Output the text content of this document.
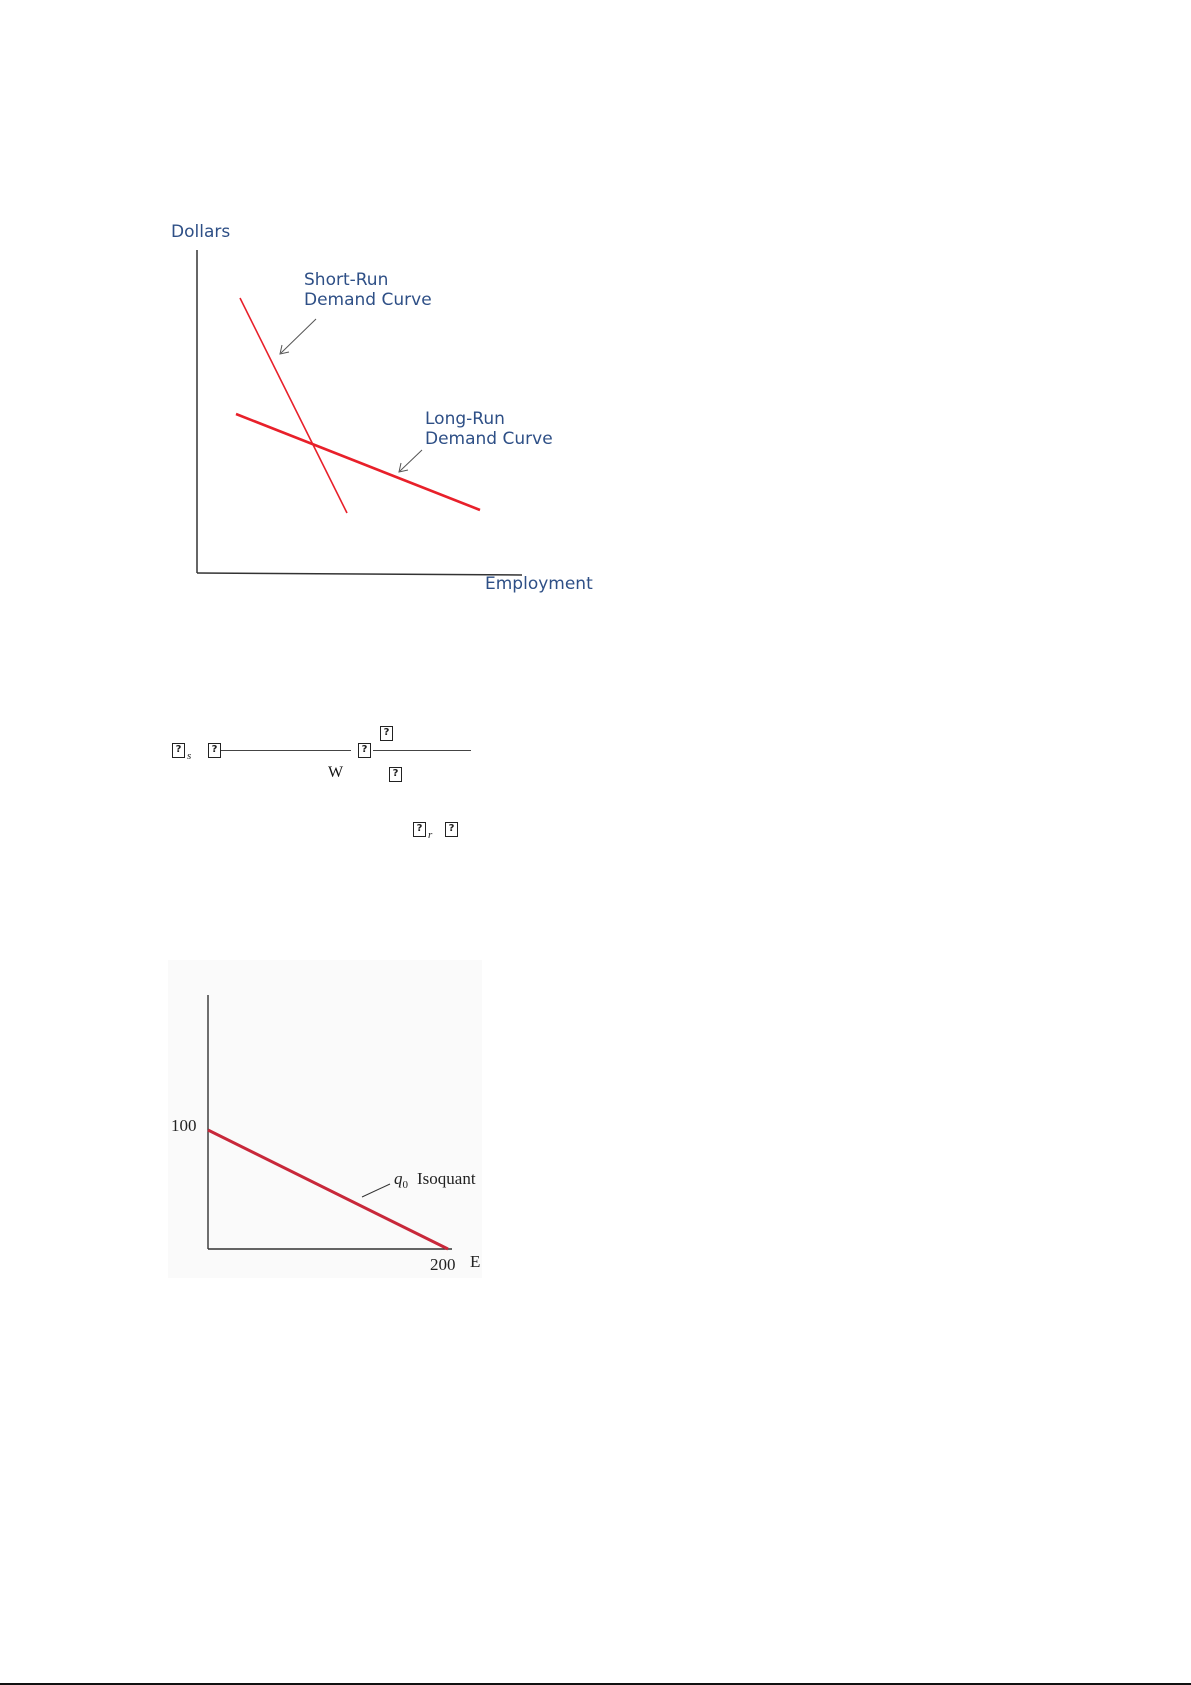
Dollars
Employment
Short-Run
Demand Curve
Long-Run
Demand Curve
?
s
?
W
?
?
?
?
r
?
100
200 E
$q_0$ Isoquant
